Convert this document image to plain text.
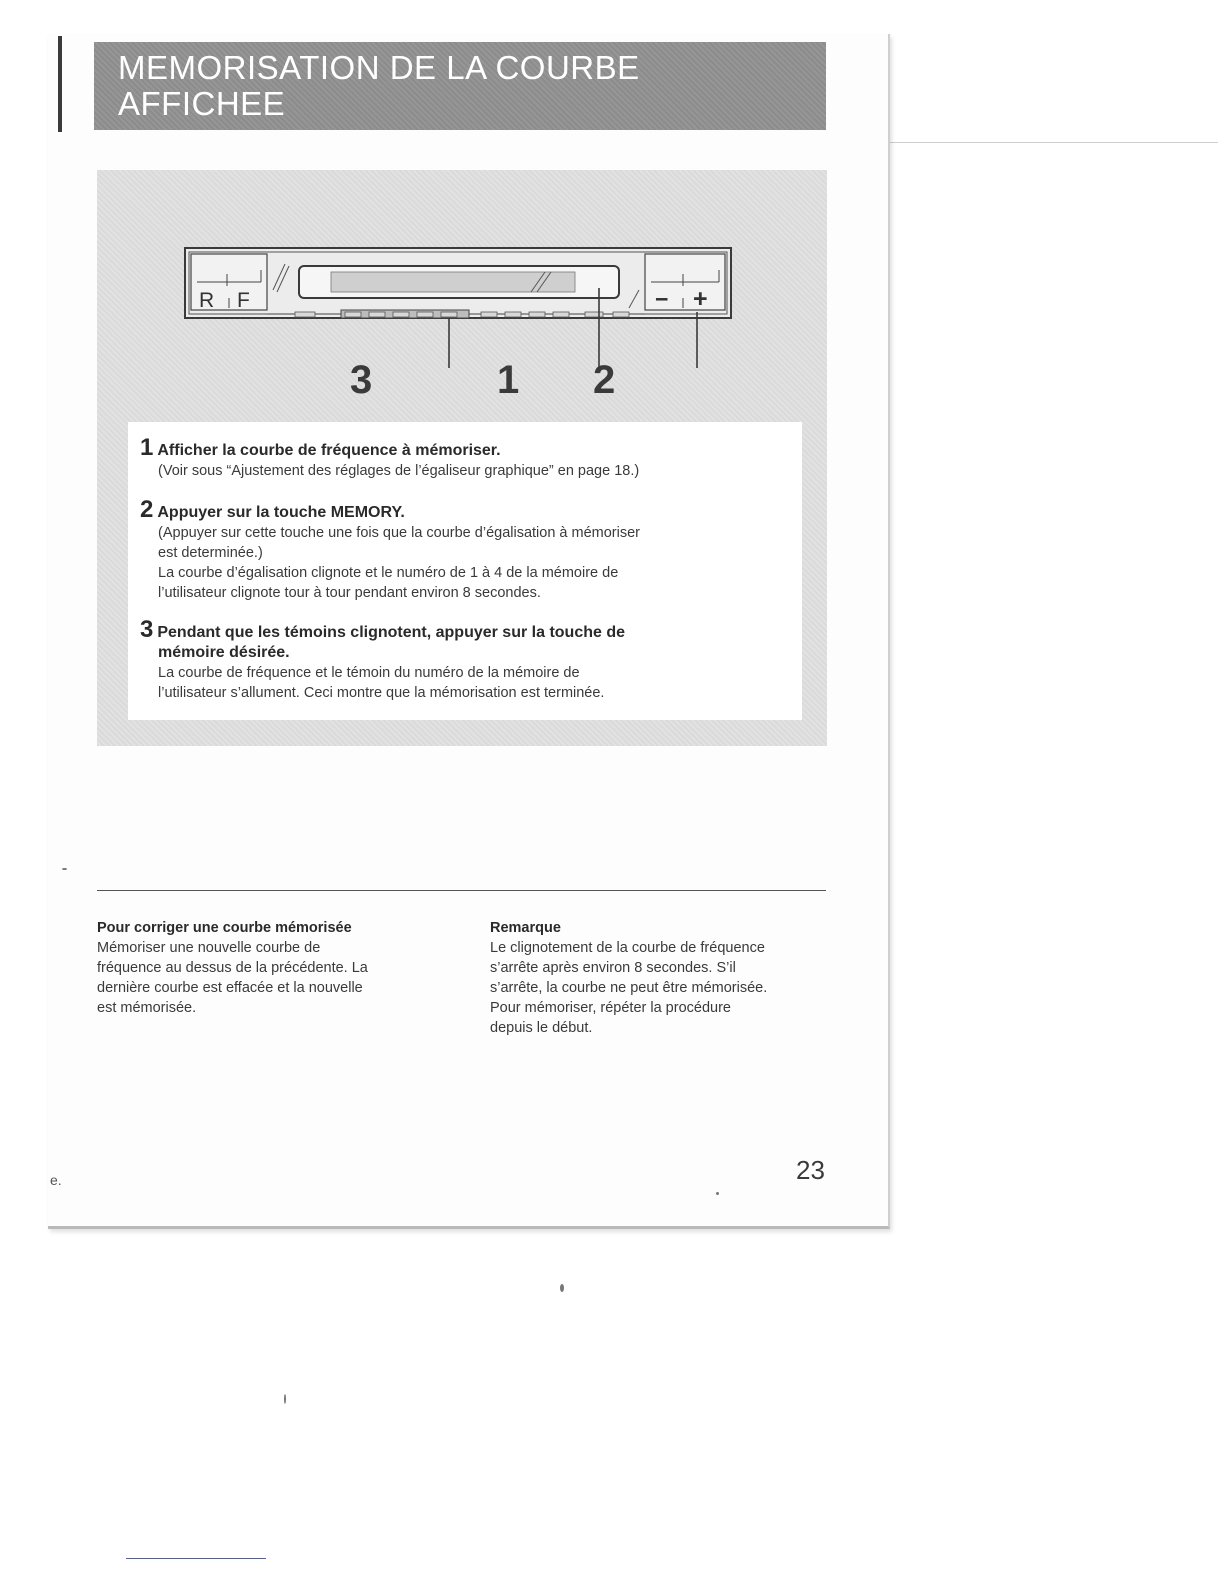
MEMORISATION DE LA COURBE
AFFICHEE
R F	− +
3	1 2
1 Afficher la courbe de fréquence à mémoriser.
(Voir sous “Ajustement des réglages de l’égaliseur graphique” en page 18.)
2 Appuyer sur la touche MEMORY.
(Appuyer sur cette touche une fois que la courbe d’égalisation à mémoriser
est determinée.)
La courbe d’égalisation clignote et le numéro de 1 à 4 de la mémoire de
l’utilisateur clignote tour à tour pendant environ 8 secondes.
3 Pendant que les témoins clignotent, appuyer sur la touche de
mémoire désirée.
La courbe de fréquence et le témoin du numéro de la mémoire de
l’utilisateur s’allument. Ceci montre que la mémorisation est terminée.
Pour corriger une courbe mémorisée
Mémoriser une nouvelle courbe de
fréquence au dessus de la précédente. La
dernière courbe est effacée et la nouvelle
est mémorisée.
Remarque
Le clignotement de la courbe de fréquence
s’arrête après environ 8 secondes. S’il
s’arrête, la courbe ne peut être mémorisée.
Pour mémoriser, répéter la procédure
depuis le début.
23
e.
